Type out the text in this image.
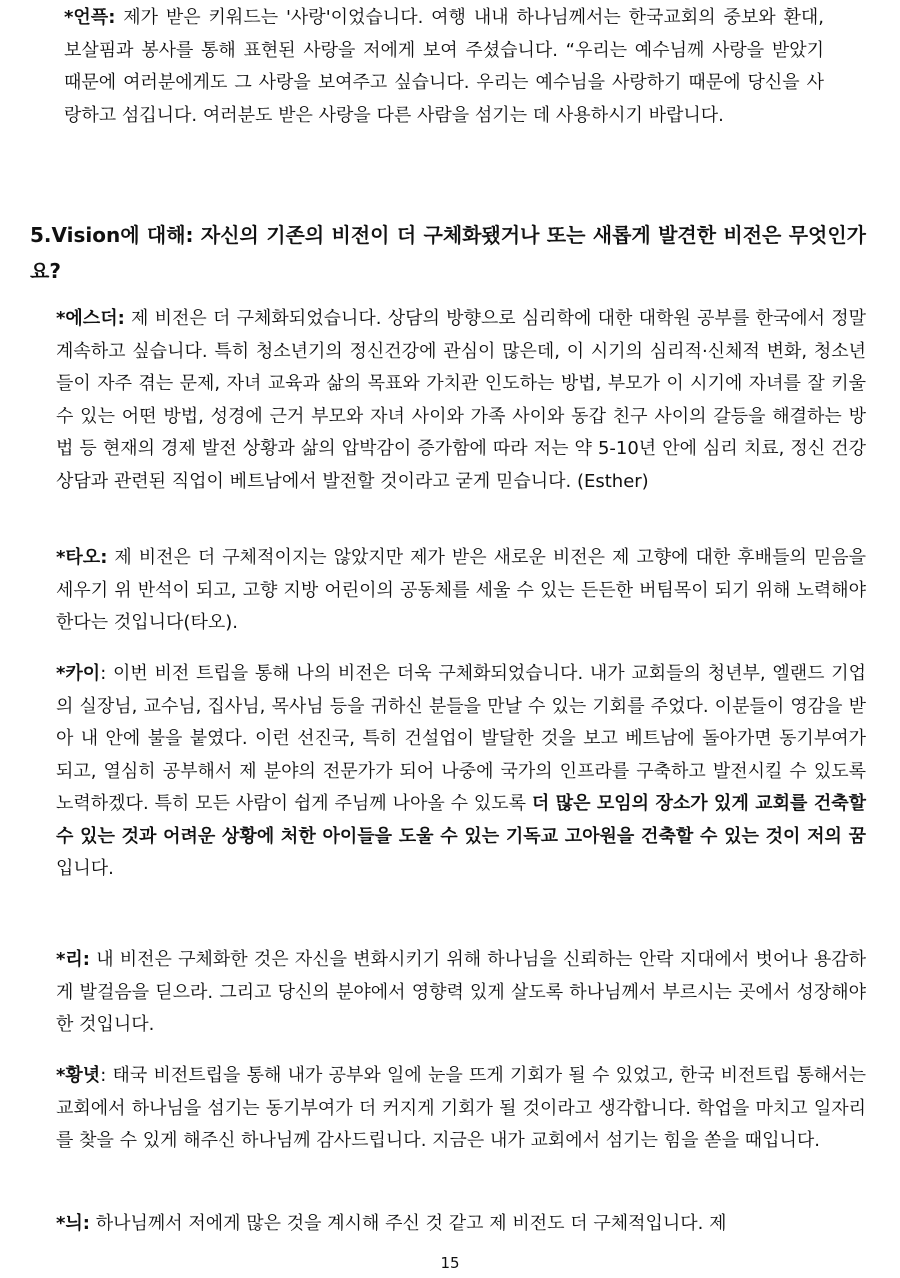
*언픅: 제가 받은 키워드는 '사랑'이었습니다. 여행 내내 하나님께서는 한국교회의 중보와 환대, 보살핌과 봉사를 통해 표현된 사랑을 저에게 보여 주셨습니다. “우리는 예수님께 사랑을 받았기 때문에 여러분에게도 그 사랑을 보여주고 싶습니다. 우리는 예수님을 사랑하기 때문에 당신을 사랑하고 섬깁니다. 여러분도 받은 사랑을 다른 사람을 섬기는 데 사용하시기 바랍니다.

5.Vision에 대해: 자신의 기존의 비전이 더 구체화됐거나 또는 새롭게 발견한 비전은 무엇인가요?

*에스더: 제 비전은 더 구체화되었습니다. 상담의 방향으로 심리학에 대한 대학원 공부를 한국에서 정말 계속하고 싶습니다. 특히 청소년기의 정신건강에 관심이 많은데, 이 시기의 심리적·신체적 변화, 청소년들이 자주 겪는 문제, 자녀 교육과 삶의 목표와 가치관 인도하는 방법, 부모가 이 시기에 자녀를 잘 키울 수 있는 어떤 방법, 성경에 근거 부모와 자녀 사이와 가족 사이와 동갑 친구 사이의 갈등을 해결하는 방법 등 현재의 경제 발전 상황과 삶의 압박감이 증가함에 따라 저는 약 5-10년 안에 심리 치료, 정신 건강 상담과 관련된 직업이 베트남에서 발전할 것이라고 굳게 믿습니다. (Esther)

*타오: 제 비전은 더 구체적이지는 않았지만 제가 받은 새로운 비전은 제 고향에 대한 후배들의 믿음을 세우기 위 반석이 되고, 고향 지방 어린이의 공동체를 세울 수 있는 든든한 버팀목이 되기 위해 노력해야 한다는 것입니다(타오).

*카이: 이번 비전 트립을 통해 나의 비전은 더욱 구체화되었습니다. 내가 교회들의 청년부, 엘랜드 기업의 실장님, 교수님, 집사님, 목사님 등을 귀하신 분들을 만날 수 있는 기회를 주었다. 이분들이 영감을 받아 내 안에 불을 붙였다. 이런 선진국, 특히 건설업이 발달한 것을 보고 베트남에 돌아가면 동기부여가 되고, 열심히 공부해서 제 분야의 전문가가 되어 나중에 국가의 인프라를 구축하고 발전시킬 수 있도록 노력하겠다. 특히 모든 사람이 쉽게 주님께 나아올 수 있도록 더 많은 모임의 장소가 있게 교회를 건축할 수 있는 것과 어려운 상황에 처한 아이들을 도울 수 있는 기독교 고아원을 건축할 수 있는 것이 저의 꿈입니다.

*리: 내 비전은 구체화한 것은 자신을 변화시키기 위해 하나님을 신뢰하는 안락 지대에서 벗어나 용감하게 발걸음을 딛으라. 그리고 당신의 분야에서 영향력 있게 살도록 하나님께서 부르시는 곳에서 성장해야 한 것입니다.

*황녓: 태국 비전트립을 통해 내가 공부와 일에 눈을 뜨게 기회가 될 수 있었고, 한국 비전트립 통해서는 교회에서 하나님을 섬기는 동기부여가 더 커지게 기회가 될 것이라고 생각합니다. 학업을 마치고 일자리를 찾을 수 있게 해주신 하나님께 감사드립니다. 지금은 내가 교회에서 섬기는 힘을 쏟을 때입니다.

*늬: 하나님께서 저에게 많은 것을 계시해 주신 것 같고 제 비전도 더 구체적입니다. 제

15
